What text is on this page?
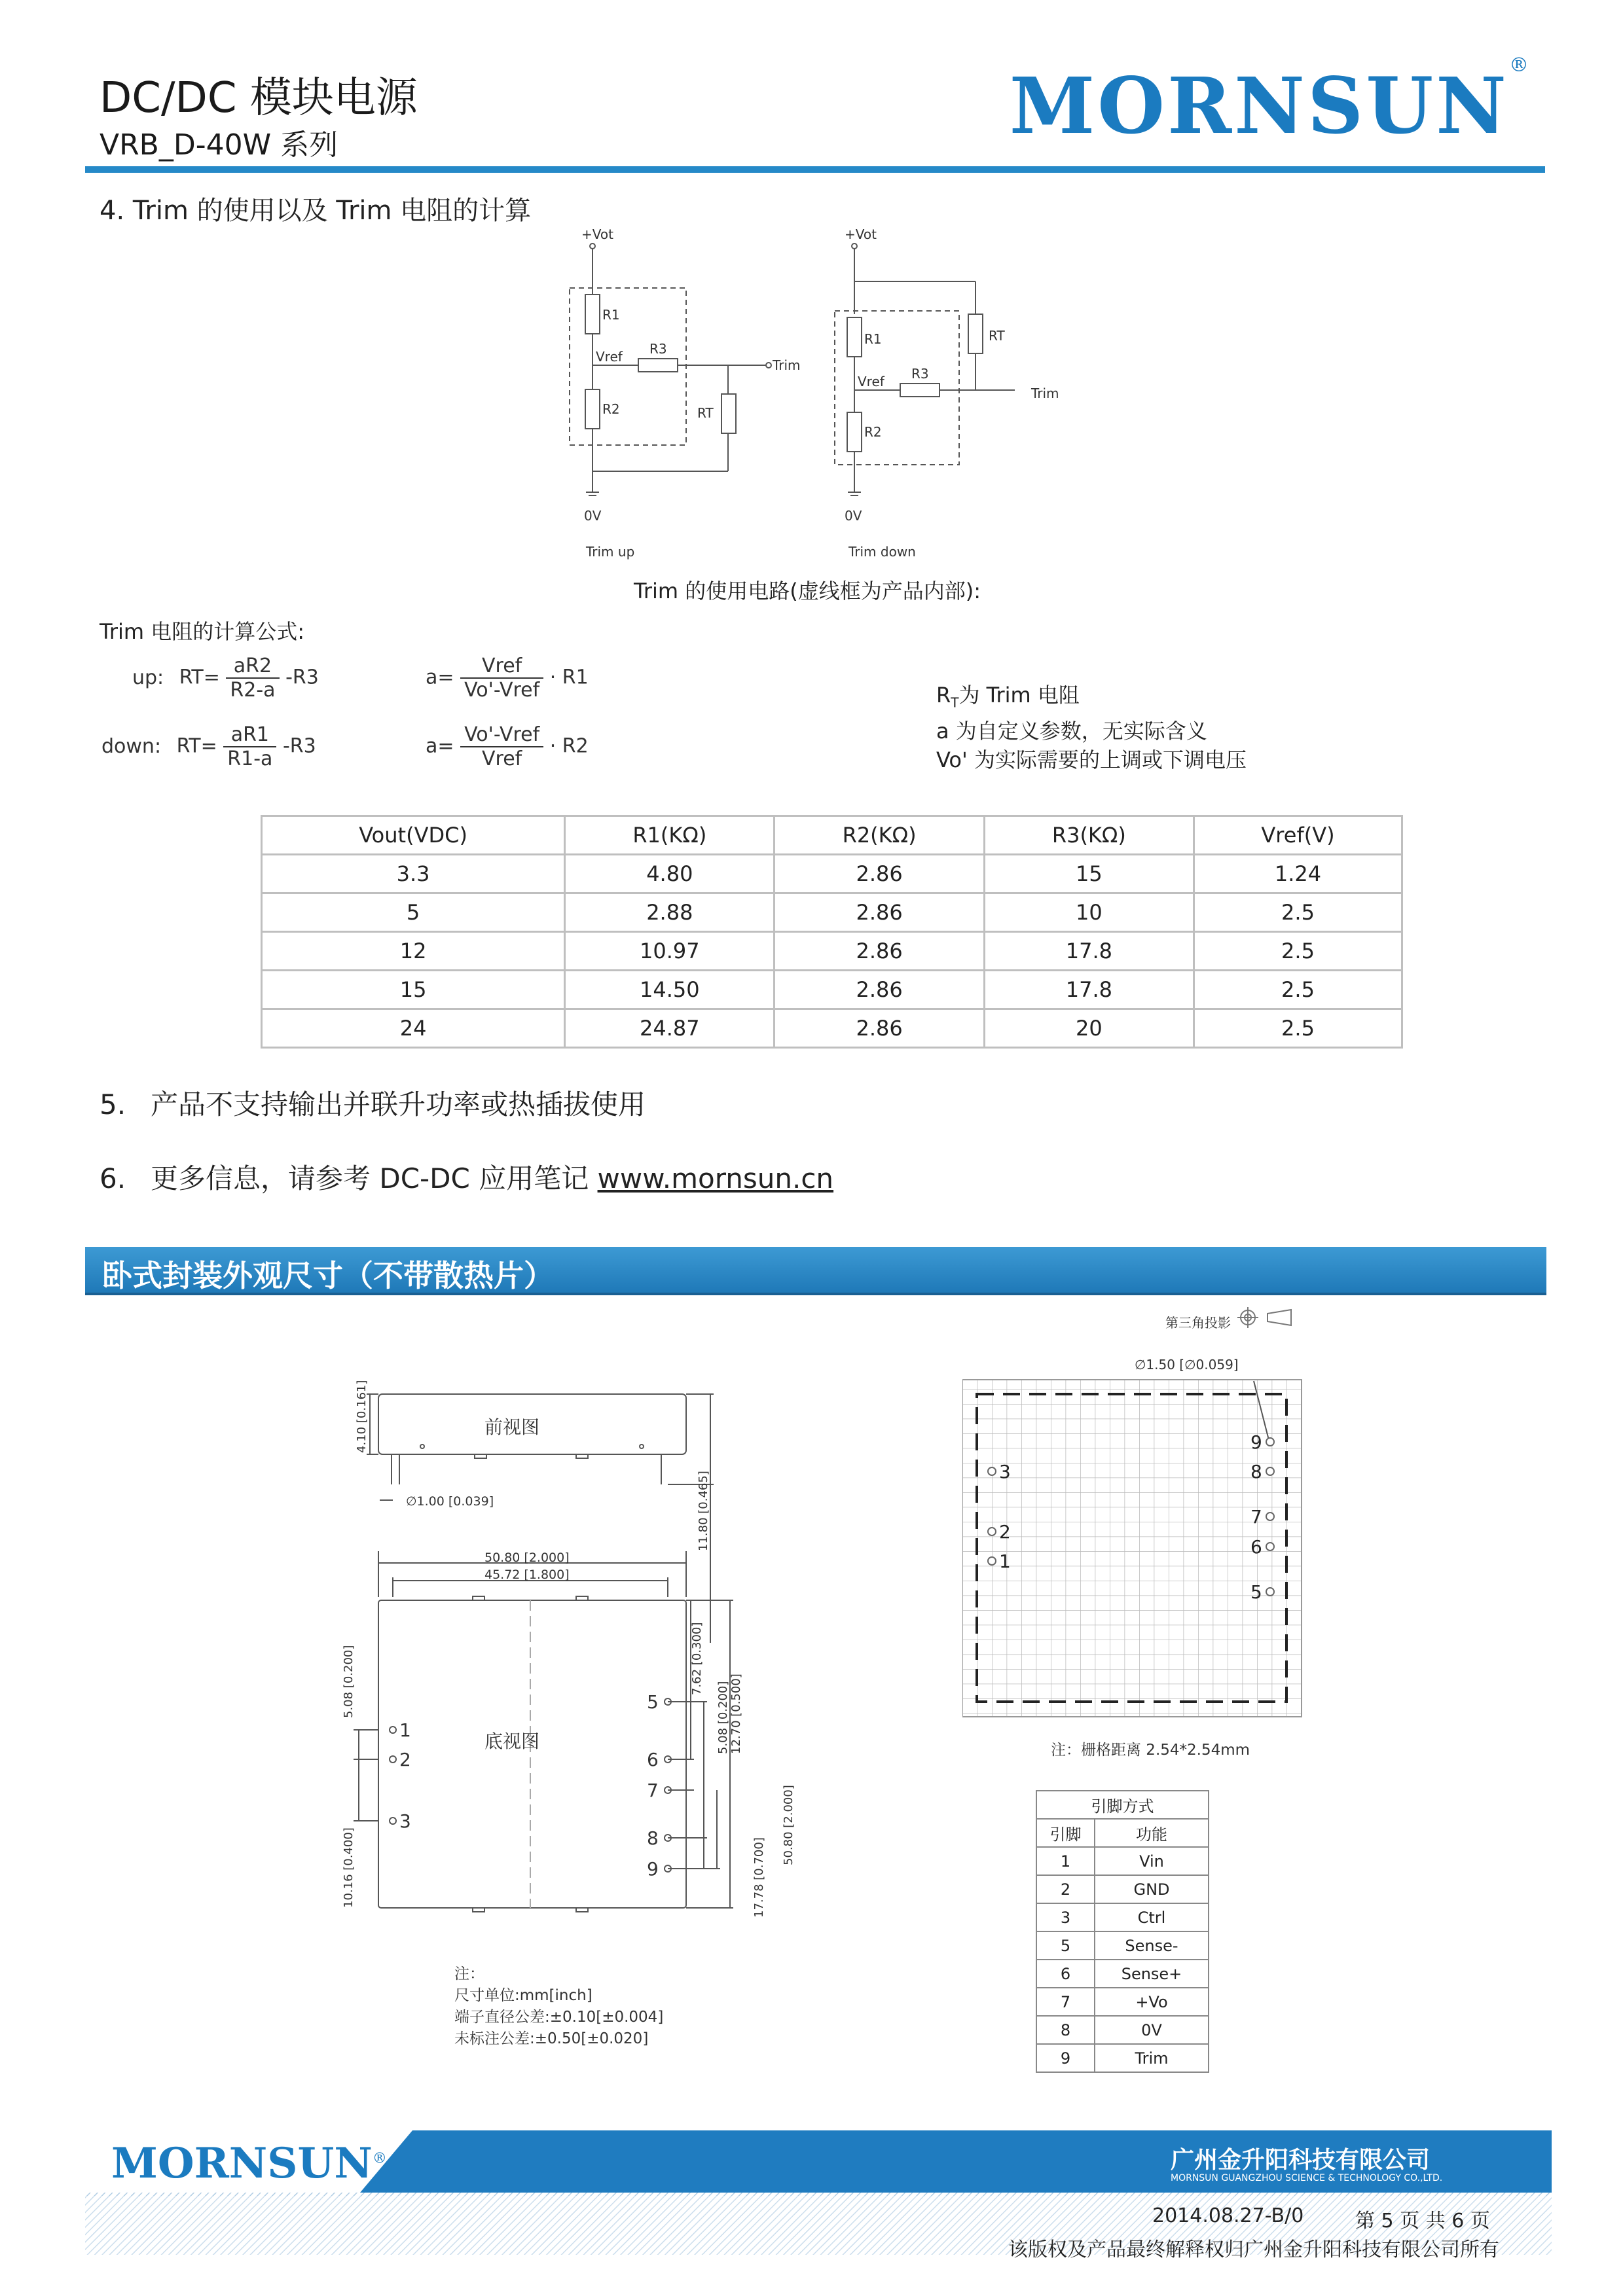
DC/DC 模块电源
VRB_D-40W 系列	MORNSUN®
4. Trim 的使用以及 Trim 电阻的计算
+Vot
R1
Vref R3
R2	RT
Trim
0V
Trim up
+Vot
R1
Vref R3
R2
RT
0V
Trim down
Trim
Trim 的使用电路(虚线框为产品内部):
Trim 电阻的计算公式:
up: $RT= \frac{aR2}{R2-a} -R3$	$a= \frac{\text{Vref}}{\text{Vo'-Vref}} \cdot R1$
down: $RT= \frac{aR1}{R1-a} -R3$	$a= \frac{\text{Vo'-Vref}}{\text{Vref}} \cdot R2$
$R_T$为 Trim 电阻
a 为自定义参数，无实际含义
Vo' 为实际需要的上调或下调电压
Vout(VDC)	R1(KΩ)	R2(KΩ)	R3(KΩ)	Vref(V)
3.3	4.80	2.86	15	1.24
5	2.88	2.86	10	2.5
12	10.97	2.86	17.8	2.5
15	14.50	2.86	17.8	2.5
24	24.87	2.86	20	2.5
5. 产品不支持输出并联升功率或热插拔使用
6. 更多信息，请参考 DC-DC 应用笔记 www.mornsun.cn
卧式封装外观尺寸（不带散热片）
前视图
底视图
∅1.00 [0.039]
50.80 [2.000]
45.72 [1.800]
4.10 [0.161]
11.80 [0.465]
5.08 [0.200]
10.16 [0.400]
7.62 [0.300]
5.08 [0.200] 12.70 [0.500]
17.78 [0.700]
50.80 [2.000]
1
2
3
5
6
7
8
9
注：
尺寸单位:mm[inch]
端子直径公差:±0.10[±0.004]
未标注公差:±0.50[±0.020]
第三角投影
∅1.50 [∅0.059]
3
2
1
9
8
7
6
5
注：栅格距离 2.54*2.54mm
引脚方式	
引脚	功能
1	Vin
2	GND
3	Ctrl
5	Sense-
6	Sense+
7	+Vo
8	0V
9	Trim
MORNSUN®	广州金升阳科技有限公司
MORNSUN GUANGZHOU SCIENCE & TECHNOLOGY CO.,LTD.
2014.08.27-B/0	第 5 页 共 6 页
该版权及产品最终解释权归广州金升阳科技有限公司所有
